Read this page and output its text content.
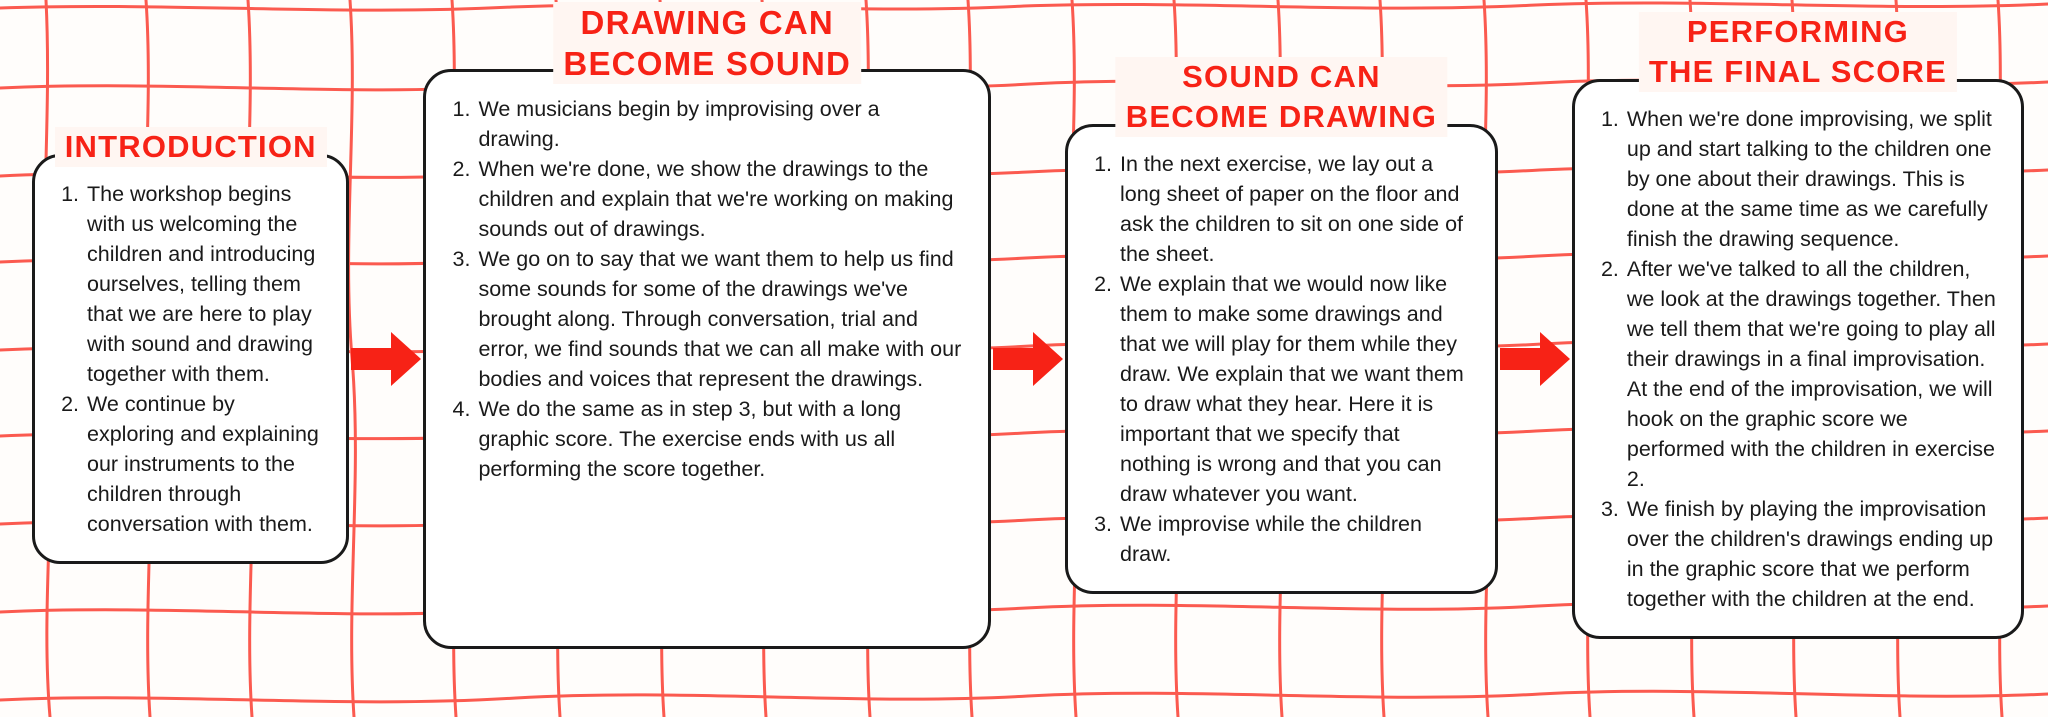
INTRODUCTION
1. The workshop begins with us welcoming the children and introducing ourselves, telling them that we are here to play with sound and drawing together with them.
2. We continue by exploring and explaining our instruments to the children through conversation with them.
DRAWING CAN
BECOME SOUND
1. We musicians begin by improvising over a drawing.
2. When we're done, we show the drawings to the children and explain that we're working on making sounds out of drawings.
3. We go on to say that we want them to help us find some sounds for some of the drawings we've brought along. Through conversation, trial and error, we find sounds that we can all make with our bodies and voices that represent the drawings.
4. We do the same as in step 3, but with a long graphic score. The exercise ends with us all performing the score together.
SOUND CAN
BECOME DRAWING
1. In the next exercise, we lay out a long sheet of paper on the floor and ask the children to sit on one side of the sheet.
2. We explain that we would now like them to make some drawings and that we will play for them while they draw. We explain that we want them to draw what they hear. Here it is important that we specify that nothing is wrong and that you can draw whatever you want.
3. We improvise while the children draw.
PERFORMING
THE FINAL SCORE
1. When we're done improvising, we split up and start talking to the children one by one about their drawings. This is done at the same time as we carefully finish the drawing sequence.
2. After we've talked to all the children, we look at the drawings together. Then we tell them that we're going to play all their drawings in a final improvisation. At the end of the improvisation, we will hook on the graphic score we performed with the children in exercise 2.
3. We finish by playing the improvisation over the children's drawings ending up in the graphic score that we perform together with the children at the end.
